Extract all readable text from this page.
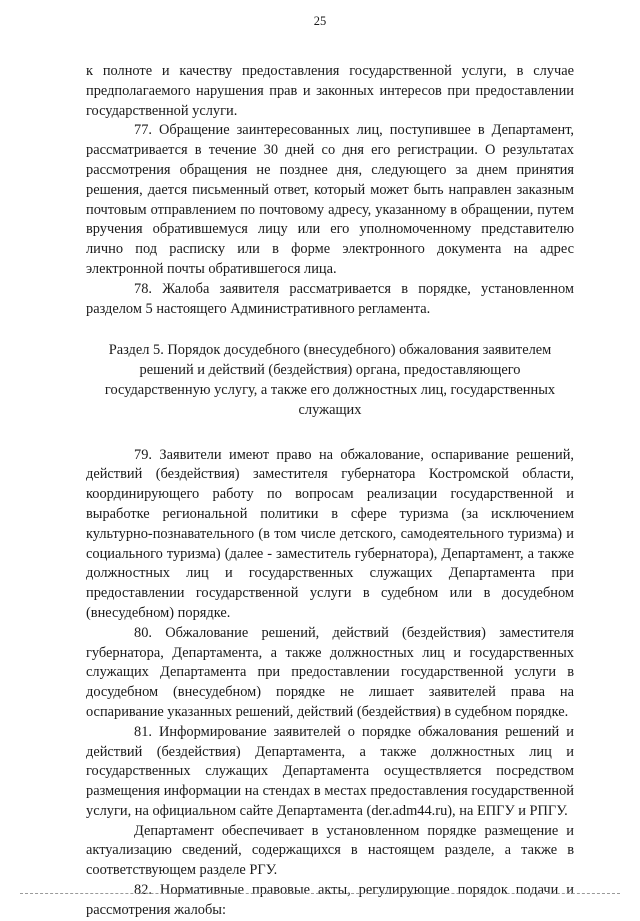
25

к полноте и качеству предоставления государственной услуги, в случае предполагаемого нарушения прав и законных интересов при предоставлении государственной услуги.

77. Обращение заинтересованных лиц, поступившее в Департамент, рассматривается в течение 30 дней со дня его регистрации. О результатах рассмотрения обращения не позднее дня, следующего за днем принятия решения, дается письменный ответ, который может быть направлен заказным почтовым отправлением по почтовому адресу, указанному в обращении, путем вручения обратившемуся лицу или его уполномоченному представителю лично под расписку или в форме электронного документа на адрес электронной почты обратившегося лица.

78. Жалоба заявителя рассматривается в порядке, установленном разделом 5 настоящего Административного регламента.

Раздел 5. Порядок досудебного (внесудебного) обжалования заявителем решений и действий (бездействия) органа, предоставляющего государственную услугу, а также его должностных лиц, государственных служащих

79. Заявители имеют право на обжалование, оспаривание решений, действий (бездействия) заместителя губернатора Костромской области, координирующего работу по вопросам реализации государственной и выработке региональной политики в сфере туризма (за исключением культурно-познавательного (в том числе детского, самодеятельного туризма) и социального туризма) (далее - заместитель губернатора), Департамент, а также должностных лиц и государственных служащих Департамента при предоставлении государственной услуги в судебном или в досудебном (внесудебном) порядке.

80. Обжалование решений, действий (бездействия) заместителя губернатора, Департамента, а также должностных лиц и государственных служащих Департамента при предоставлении государственной услуги в досудебном (внесудебном) порядке не лишает заявителей права на оспаривание указанных решений, действий (бездействия) в судебном порядке.

81. Информирование заявителей о порядке обжалования решений и действий (бездействия) Департамента, а также должностных лиц и государственных служащих Департамента осуществляется посредством размещения информации на стендах в местах предоставления государственной услуги, на официальном сайте Департамента (der.adm44.ru), на ЕПГУ и РПГУ.

Департамент обеспечивает в установленном порядке размещение и актуализацию сведений, содержащихся в настоящем разделе, а также в соответствующем разделе РГУ.

82. Нормативные правовые акты, регулирующие порядок подачи и рассмотрения жалобы:
